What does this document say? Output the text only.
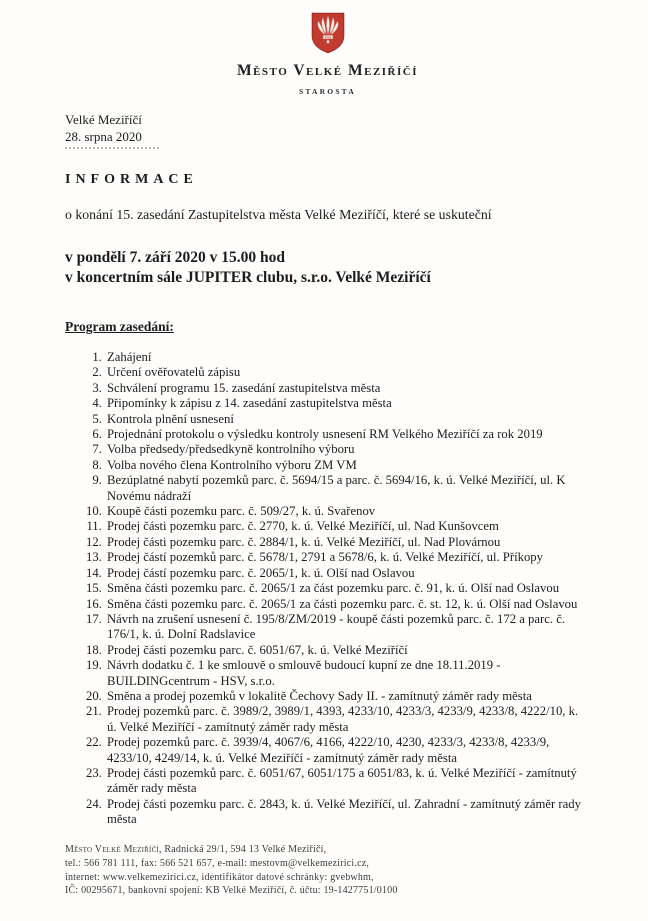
Město Velké Meziříčí
STAROSTA
Velké Meziříčí
28. srpna 2020
INFORMACE
o konání 15. zasedání Zastupitelstva města Velké Meziříčí, které se uskuteční
v pondělí 7. září 2020 v 15.00 hod
v koncertním sále JUPITER clubu, s.r.o. Velké Meziříčí
Program zasedání:
1. Zahájení
2. Určení ověřovatelů zápisu
3. Schválení programu 15. zasedání zastupitelstva města
4. Připomínky k zápisu z 14. zasedání zastupitelstva města
5. Kontrola plnění usnesení
6. Projednání protokolu o výsledku kontroly usnesení RM Velkého Meziříčí za rok 2019
7. Volba předsedy/předsedkyně kontrolního výboru
8. Volba nového člena Kontrolního výboru ZM VM
9. Bezúplatné nabytí pozemků parc. č. 5694/15 a parc. č. 5694/16, k. ú. Velké Meziříčí, ul. K Novému nádraží
10. Koupě části pozemku parc. č. 509/27, k. ú. Svařenov
11. Prodej části pozemku parc. č. 2770, k. ú. Velké Meziříčí, ul. Nad Kunšovcem
12. Prodej části pozemku parc. č. 2884/1, k. ú. Velké Meziříčí, ul. Nad Plovárnou
13. Prodej částí pozemků parc. č. 5678/1, 2791 a 5678/6, k. ú. Velké Meziříčí, ul. Příkopy
14. Prodej částí pozemku parc. č. 2065/1, k. ú. Olší nad Oslavou
15. Směna části pozemku parc. č. 2065/1 za část pozemku parc. č. 91, k. ú. Olší nad Oslavou
16. Směna části pozemku parc. č. 2065/1 za části pozemku parc. č. st. 12, k. ú. Olší nad Oslavou
17. Návrh na zrušení usnesení č. 195/8/ZM/2019 - koupě části pozemků parc. č. 172 a parc. č. 176/1, k. ú. Dolní Radslavice
18. Prodej části pozemku parc. č. 6051/67, k. ú. Velké Meziříčí
19. Návrh dodatku č. 1 ke smlouvě o smlouvě budoucí kupní ze dne 18.11.2019 - BUILDINGcentrum - HSV, s.r.o.
20. Směna a prodej pozemků v lokalitě Čechovy Sady II. - zamítnutý záměr rady města
21. Prodej pozemků parc. č. 3989/2, 3989/1, 4393, 4233/10, 4233/3, 4233/9, 4233/8, 4222/10, k. ú. Velké Meziříčí - zamítnutý záměr rady města
22. Prodej pozemků parc. č. 3939/4, 4067/6, 4166, 4222/10, 4230, 4233/3, 4233/8, 4233/9, 4233/10, 4249/14, k. ú. Velké Meziříčí - zamítnutý záměr rady města
23. Prodej části pozemků parc. č. 6051/67, 6051/175 a 6051/83, k. ú. Velké Meziříčí - zamítnutý záměr rady města
24. Prodej části pozemku parc. č. 2843, k. ú. Velké Meziříčí, ul. Zahradní - zamítnutý záměr rady města
Město Velké Meziříčí, Radnická 29/1, 594 13 Velké Meziříčí,
tel.: 566 781 111, fax: 566 521 657, e-mail: mestovm@velkemezirici.cz,
internet: www.velkemezirici.cz, identifikátor datové schránky: gvebwhm,
IČ: 00295671, bankovní spojení: KB Velké Meziříčí, č. účtu: 19-1427751/0100
